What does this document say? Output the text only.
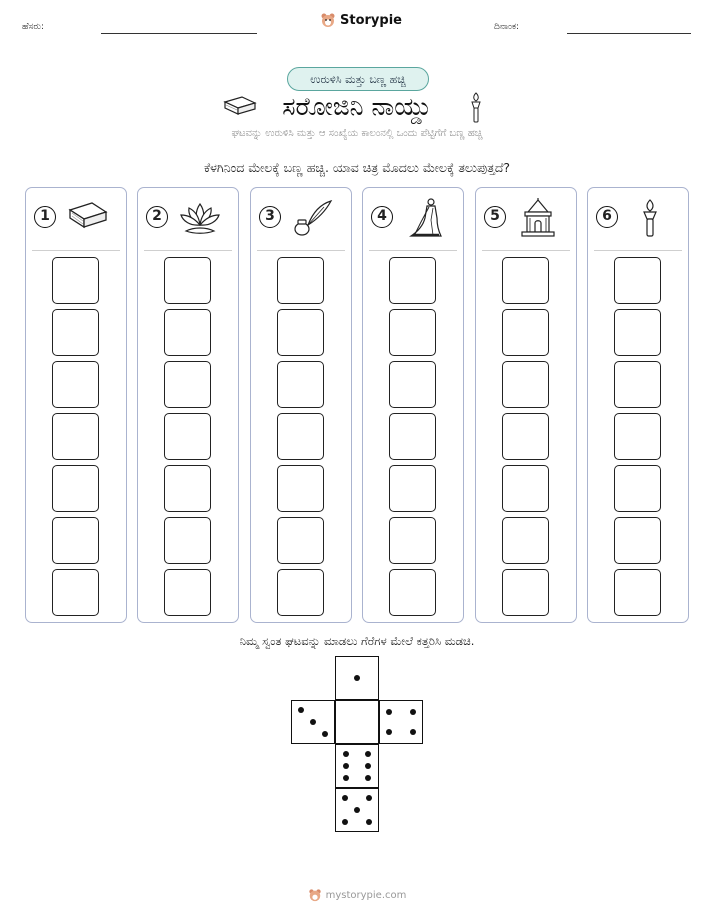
ಹೆಸರು:	Storypie	ದಿನಾಂಕ:
ಉರುಳಿಸಿ ಮತ್ತು ಬಣ್ಣ ಹಚ್ಚಿ
ಸರೋಜಿನಿ ನಾಯ್ಡು
ಘಟವನ್ನು ಉರುಳಿಸಿ ಮತ್ತು ಆ ಸಂಖ್ಯೆಯ ಕಾಲಂನಲ್ಲಿ ಒಂದು ಪೆಟ್ಟಿಗೆಗೆ ಬಣ್ಣ ಹಚ್ಚಿ
ಕೆಳಗಿನಿಂದ ಮೇಲಕ್ಕೆ ಬಣ್ಣ ಹಚ್ಚಿ. ಯಾವ ಚಿತ್ರ ಮೊದಲು ಮೇಲಕ್ಕೆ ತಲುಪುತ್ತದೆ?
1	2	3	4	5	6
ನಿಮ್ಮ ಸ್ವಂತ ಘಟವನ್ನು ಮಾಡಲು ಗೆರೆಗಳ ಮೇಲೆ ಕತ್ತರಿಸಿ ಮಡಚಿ.
mystorypie.com
